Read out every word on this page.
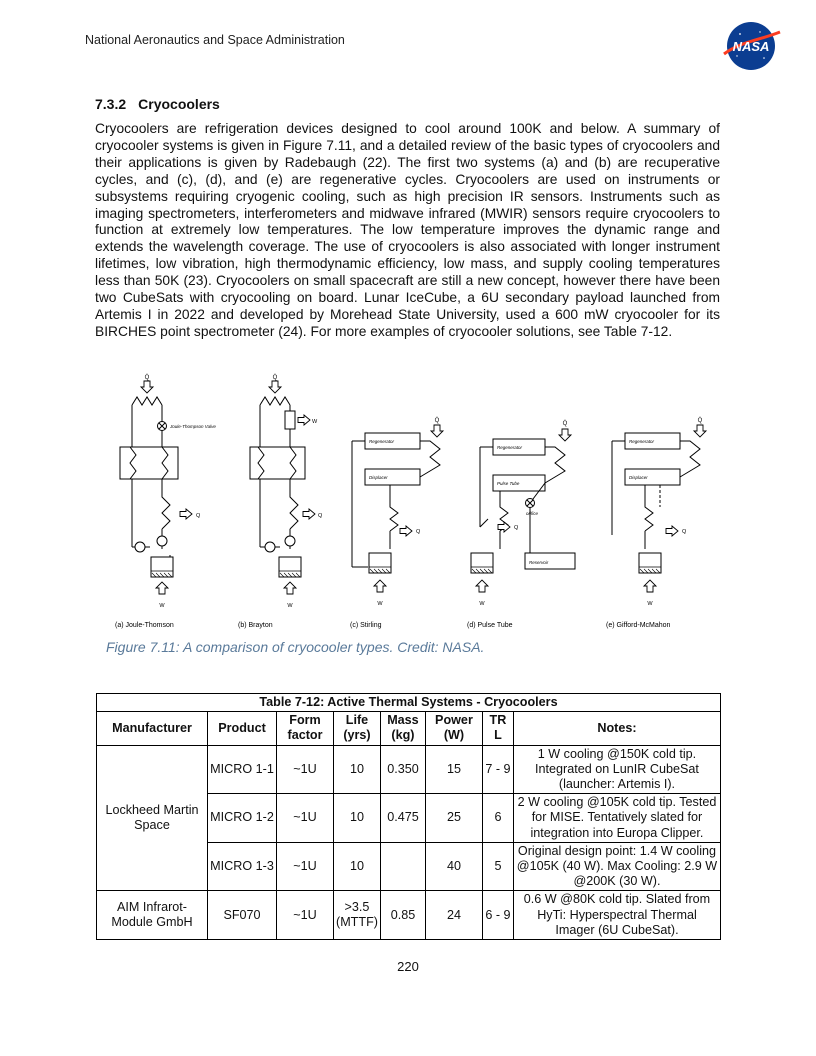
National Aeronautics and Space Administration	NASA
7.3.2 Cryocoolers
Cryocoolers are refrigeration devices designed to cool around 100K and below. A summary of cryocooler systems is given in Figure 7.11, and a detailed review of the basic types of cryocoolers and their applications is given by Radebaugh (22). The first two systems (a) and (b) are recuperative cycles, and (c), (d), and (e) are regenerative cycles. Cryocoolers are used on instruments or subsystems requiring cryogenic cooling, such as high precision IR sensors. Instruments such as imaging spectrometers, interferometers and midwave infrared (MWIR) sensors require cryocoolers to function at extremely low temperatures. The low temperature improves the dynamic range and extends the wavelength coverage. The use of cryocoolers is also associated with longer instrument lifetimes, low vibration, high thermodynamic efficiency, low mass, and supply cooling temperatures less than 50K (23). Cryocoolers on small spacecraft are still a new concept, however there have been two CubeSats with cryocooling on board. Lunar IceCube, a 6U secondary payload launched from Artemis I in 2022 and developed by Morehead State University, used a 600 mW cryocooler for its BIRCHES point spectrometer (24). For more examples of cryocooler solutions, see Table 7-12.
Q̇	Q̇
Q̇	Q̇	Q̇
Q	Q
Q
Q
Q
W
W	W	W	W	W
Joule-Thompson Valve
Regenerator
Displacer
Regenerator
Pulse Tube
orifice
Reservoir
Regenerator
Displacer
(a) Joule-Thomson	(b) Brayton	(c) Stirling	(d) Pulse Tube	(e) Gifford-McMahon
Figure 7.11: A comparison of cryocooler types. Credit: NASA.
Table 7-12: Active Thermal Systems - Cryocoolers							
Manufacturer	Product	Form factor	Life (yrs)	Mass (kg)	Power (W)	TR L	Notes:
Lockheed Martin Space	MICRO 1-1	~1U	10	0.350	15	7 - 9	1 W cooling @150K cold tip. Integrated on LunIR CubeSat (launcher: Artemis I).
	MICRO 1-2	~1U	10	0.475	25	6	2 W cooling @105K cold tip. Tested for MISE. Tentatively slated for integration into Europa Clipper.
	MICRO 1-3	~1U	10		40	5	Original design point: 1.4 W cooling @105K (40 W). Max Cooling: 2.9 W @200K (30 W).
AIM Infrarot-Module GmbH	SF070	~1U	>3.5 (MTTF)	0.85	24	6 - 9	0.6 W @80K cold tip. Slated from HyTi: Hyperspectral Thermal Imager (6U CubeSat).
220
